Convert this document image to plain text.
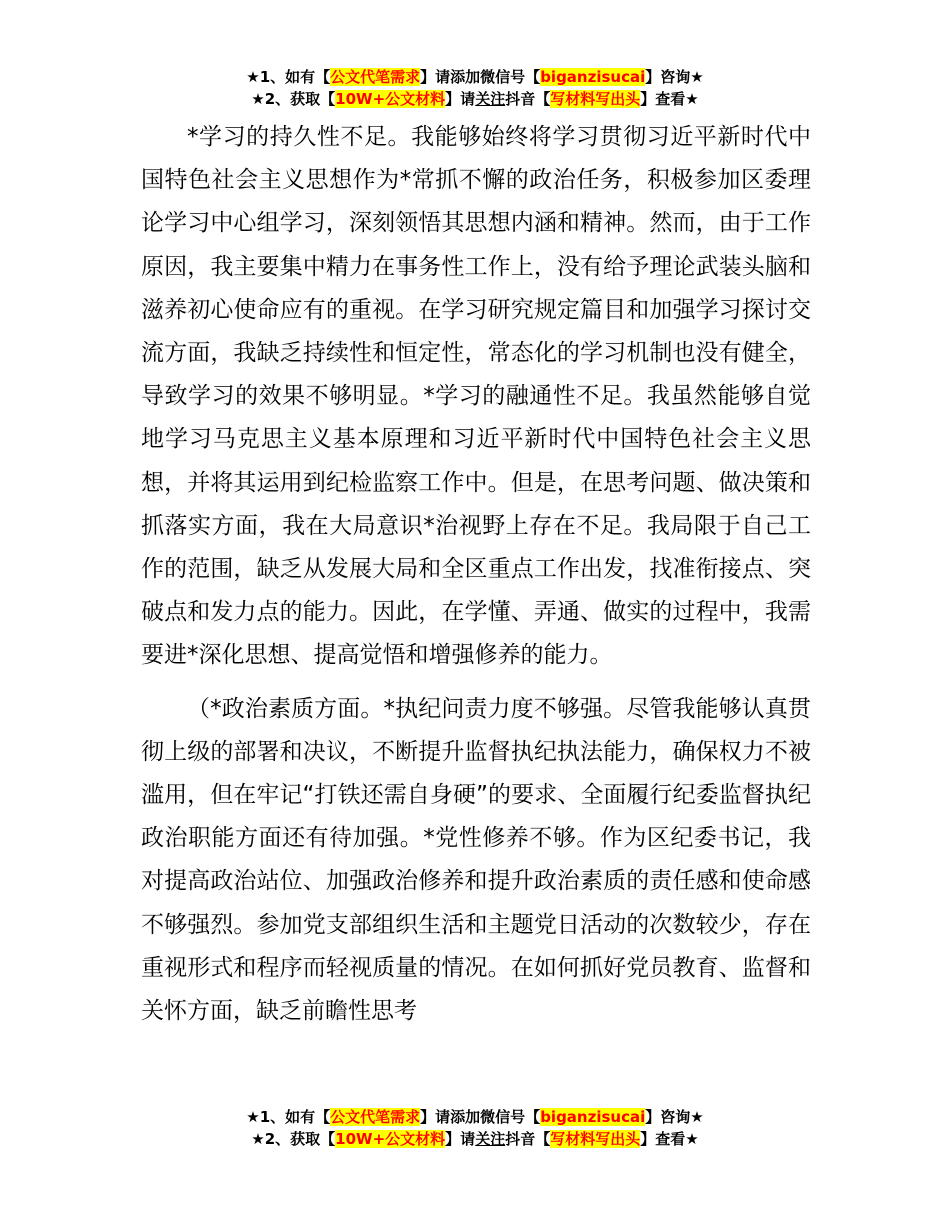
★1、如有【公文代笔需求】请添加微信号【biganzisucai】咨询★
★2、获取【10W+公文材料】请关注抖音【写材料写出头】查看★

*学习的持久性不足。我能够始终将学习贯彻习近平新时代中国特色社会主义思想作为*常抓不懈的政治任务，积极参加区委理论学习中心组学习，深刻领悟其思想内涵和精神。然而，由于工作原因，我主要集中精力在事务性工作上，没有给予理论武装头脑和滋养初心使命应有的重视。在学习研究规定篇目和加强学习探讨交流方面，我缺乏持续性和恒定性，常态化的学习机制也没有健全，导致学习的效果不够明显。*学习的融通性不足。我虽然能够自觉地学习马克思主义基本原理和习近平新时代中国特色社会主义思想，并将其运用到纪检监察工作中。但是，在思考问题、做决策和抓落实方面，我在大局意识*治视野上存在不足。我局限于自己工作的范围，缺乏从发展大局和全区重点工作出发，找准衔接点、突破点和发力点的能力。因此，在学懂、弄通、做实的过程中，我需要进*深化思想、提高觉悟和增强修养的能力。

（*政治素质方面。*执纪问责力度不够强。尽管我能够认真贯彻上级的部署和决议，不断提升监督执纪执法能力，确保权力不被滥用，但在牢记“打铁还需自身硬”的要求、全面履行纪委监督执纪政治职能方面还有待加强。*党性修养不够。作为区纪委书记，我对提高政治站位、加强政治修养和提升政治素质的责任感和使命感不够强烈。参加党支部组织生活和主题党日活动的次数较少，存在重视形式和程序而轻视质量的情况。在如何抓好党员教育、监督和关怀方面，缺乏前瞻性思考

★1、如有【公文代笔需求】请添加微信号【biganzisucai】咨询★
★2、获取【10W+公文材料】请关注抖音【写材料写出头】查看★
